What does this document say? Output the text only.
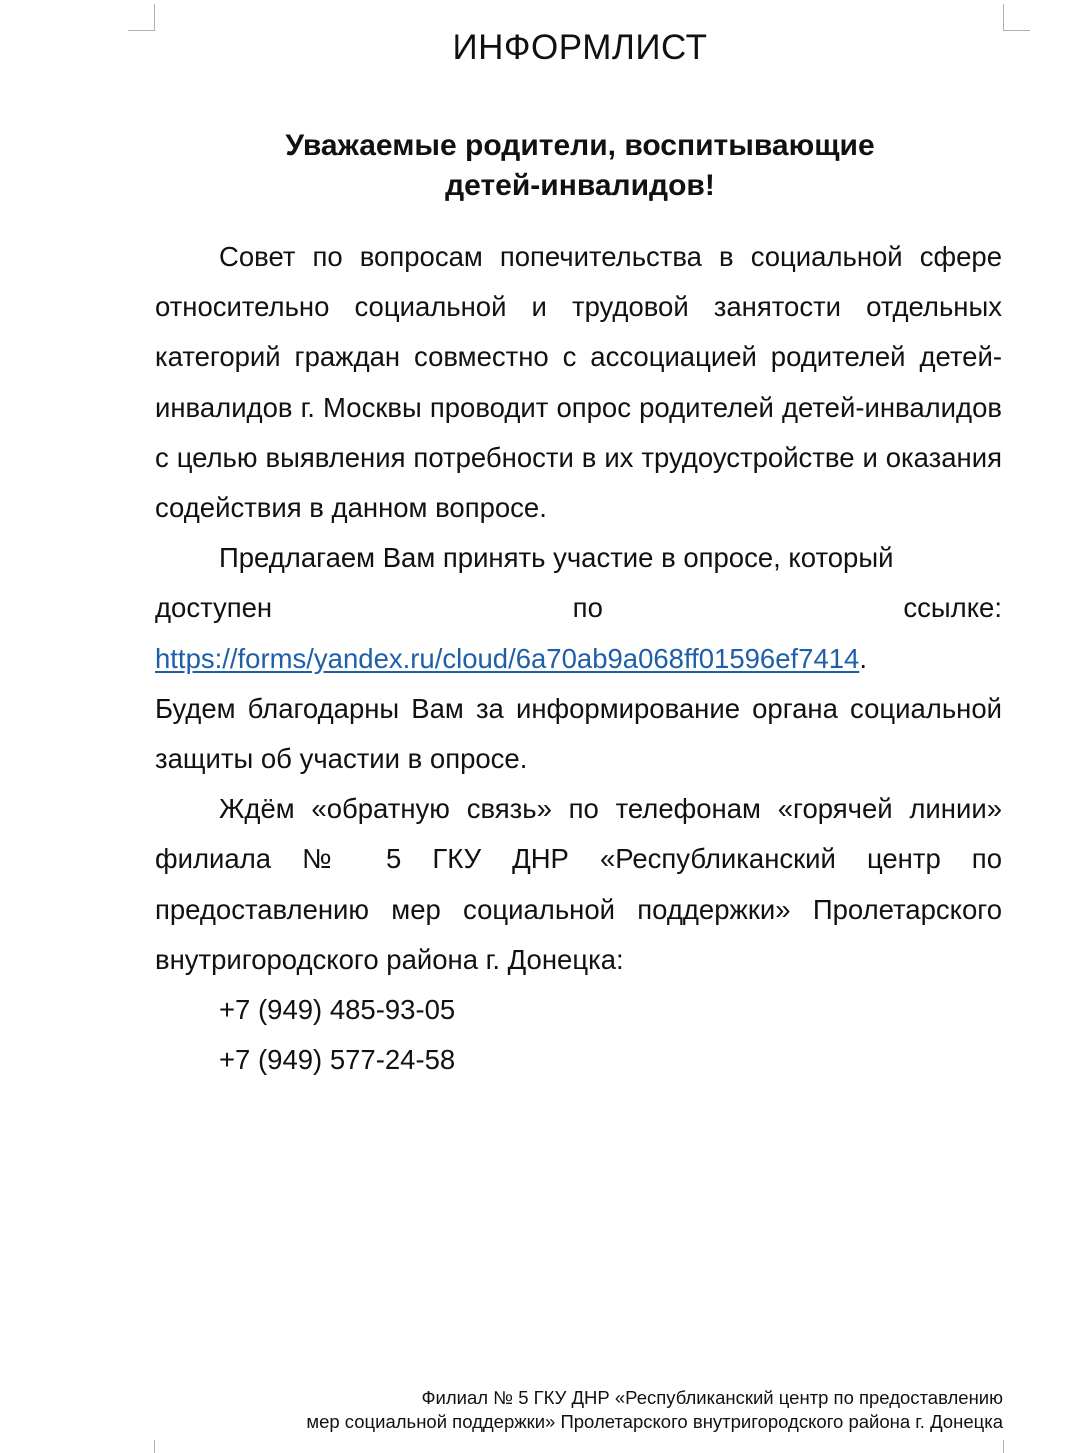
ИНФОРМЛИСТ
Уважаемые родители, воспитывающие
детей-инвалидов!

Совет по вопросам попечительства в социальной сфере относительно социальной и трудовой занятости отдельных категорий граждан совместно с ассоциацией родителей детей-инвалидов г. Москвы проводит опрос родителей детей-инвалидов с целью выявления потребности в их трудоустройстве и оказания содействия в данном вопросе.

Предлагаем Вам принять участие в опросе, который

доступен	по	ссылке:

https://forms/yandex.ru/cloud/6a70ab9a068ff01596ef7414.

Будем благодарны Вам за информирование органа социальной защиты об участии в опросе.

Ждём «обратную связь» по телефонам «горячей линии» филиала № 5 ГКУ ДНР «Республиканский центр по предоставлению мер социальной поддержки» Пролетарского внутригородского района г. Донецка:

+7 (949) 485-93-05

+7 (949) 577-24-58

Филиал № 5 ГКУ ДНР «Республиканский центр по предоставлению
мер социальной поддержки» Пролетарского внутригородского района г. Донецка
